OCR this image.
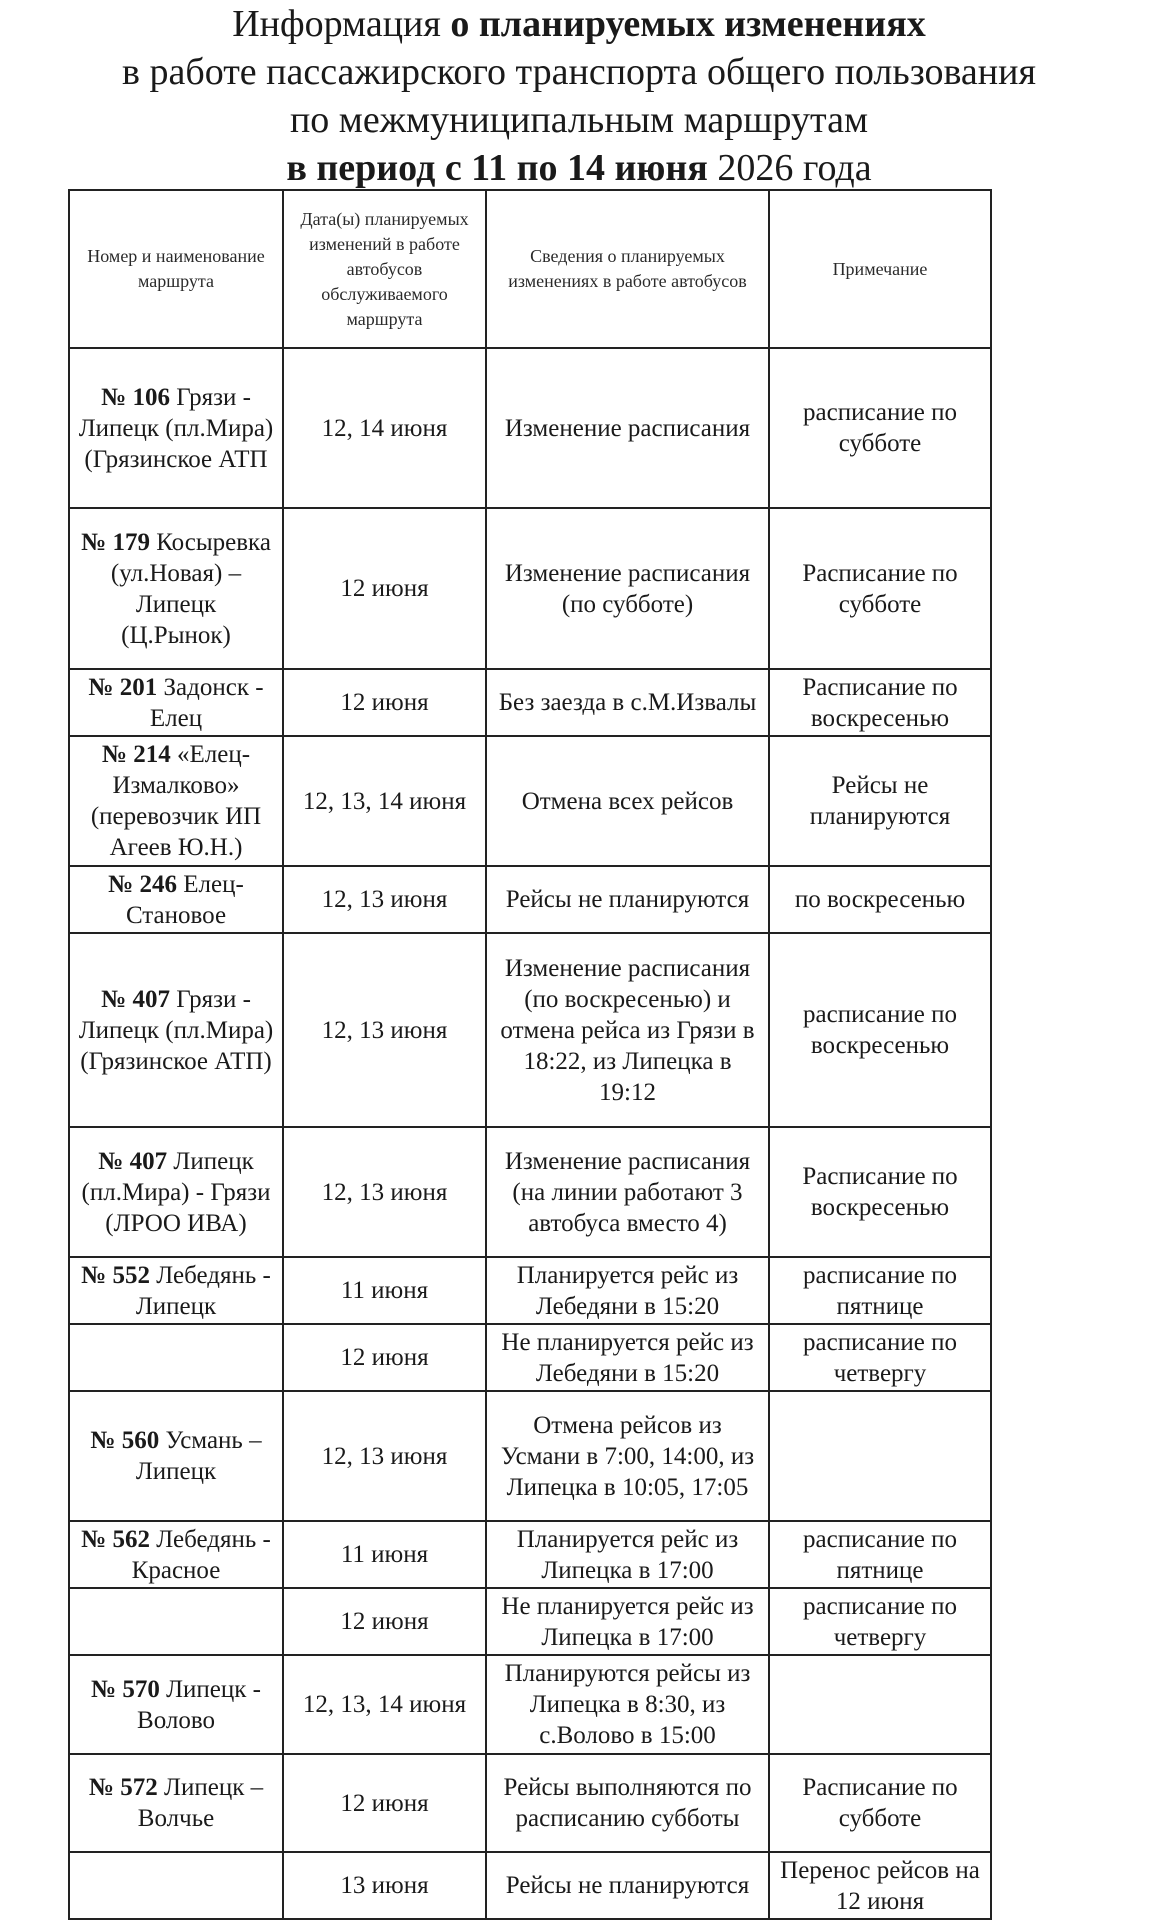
Информация о планируемых изменениях
в работе пассажирского транспорта общего пользования
по межмуниципальным маршрутам
в период с 11 по 14 июня 2026 года
Номер и наименование маршрута	Дата(ы) планируемых изменений в работе автобусов обслуживаемого маршрута	Сведения о планируемых изменениях в работе автобусов	Примечание
№ 106 Грязи - Липецк (пл.Мира) (Грязинское АТП	12, 14 июня	Изменение расписания	расписание по субботе
№ 179 Косыревка (ул.Новая) – Липецк (Ц.Рынок)	12 июня	Изменение расписания (по субботе)	Расписание по субботе
№ 201 Задонск - Елец	12 июня	Без заезда в с.М.Извалы	Расписание по воскресенью
№ 214 «Елец-Измалково» (перевозчик ИП Агеев Ю.Н.)	12, 13, 14 июня	Отмена всех рейсов	Рейсы не планируются
№ 246 Елец-Становое	12, 13 июня	Рейсы не планируются	по воскресенью
№ 407 Грязи - Липецк (пл.Мира) (Грязинское АТП)	12, 13 июня	Изменение расписания (по воскресенью) и отмена рейса из Грязи в 18:22, из Липецка в 19:12	расписание по воскресенью
№ 407 Липецк (пл.Мира) - Грязи (ЛРОО ИВА)	12, 13 июня	Изменение расписания (на линии работают 3 автобуса вместо 4)	Расписание по воскресенью
№ 552 Лебедянь - Липецк	11 июня	Планируется рейс из Лебедяни в 15:20	расписание по пятнице
	12 июня	Не планируется рейс из Лебедяни в 15:20	расписание по четвергу
№ 560 Усмань – Липецк	12, 13 июня	Отмена рейсов из Усмани в 7:00, 14:00, из Липецка в 10:05, 17:05	
№ 562 Лебедянь - Красное	11 июня	Планируется рейс из Липецка в 17:00	расписание по пятнице
	12 июня	Не планируется рейс из Липецка в 17:00	расписание по четвергу
№ 570 Липецк - Волово	12, 13, 14 июня	Планируются рейсы из Липецка в 8:30, из с.Волово в 15:00	
№ 572 Липецк – Волчье	12 июня	Рейсы выполняются по расписанию субботы	Расписание по субботе
	13 июня	Рейсы не планируются	Перенос рейсов на 12 июня
